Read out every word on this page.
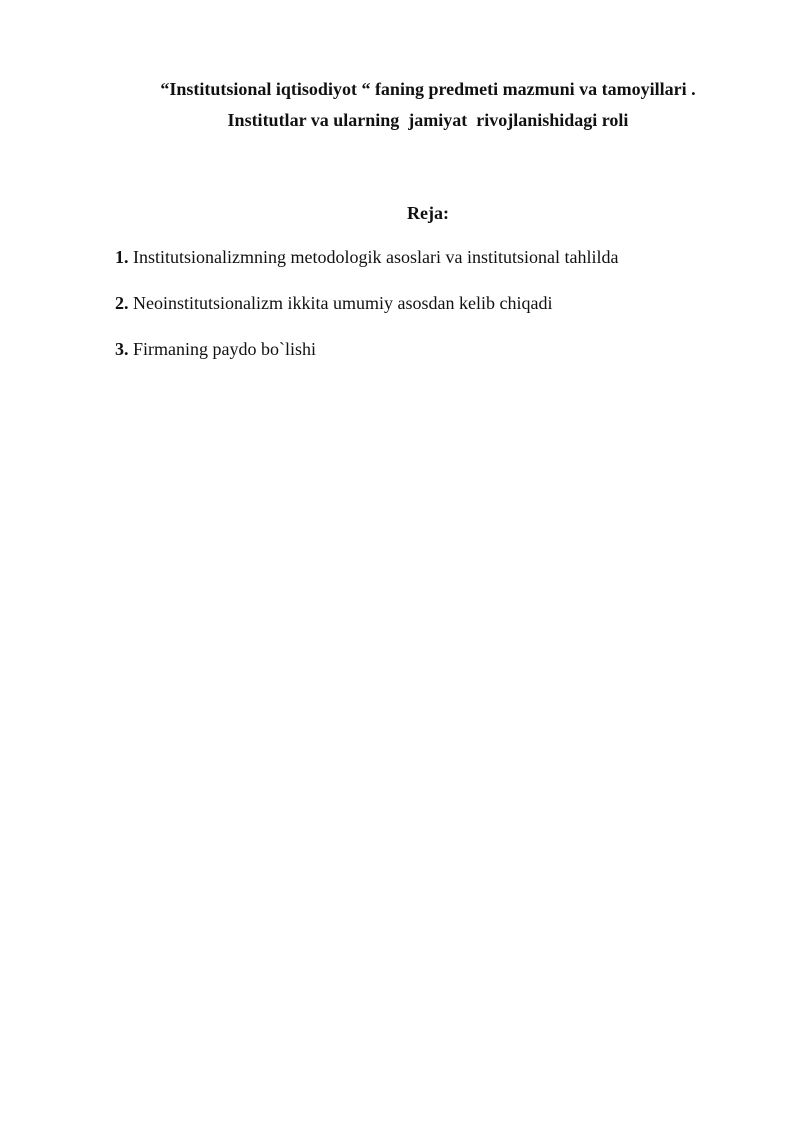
“Institutsional iqtisodiyot “ faning predmeti mazmuni va tamoyillari .
Institutlar va ularning  jamiyat  rivojlanishidagi roli
Reja:
1. Institutsionalizmning metodologik asoslari va institutsional tahlilda
2. Neoinstitutsionalizm ikkita umumiy asosdan kelib chiqadi
3. Firmaning paydo bo`lishi
